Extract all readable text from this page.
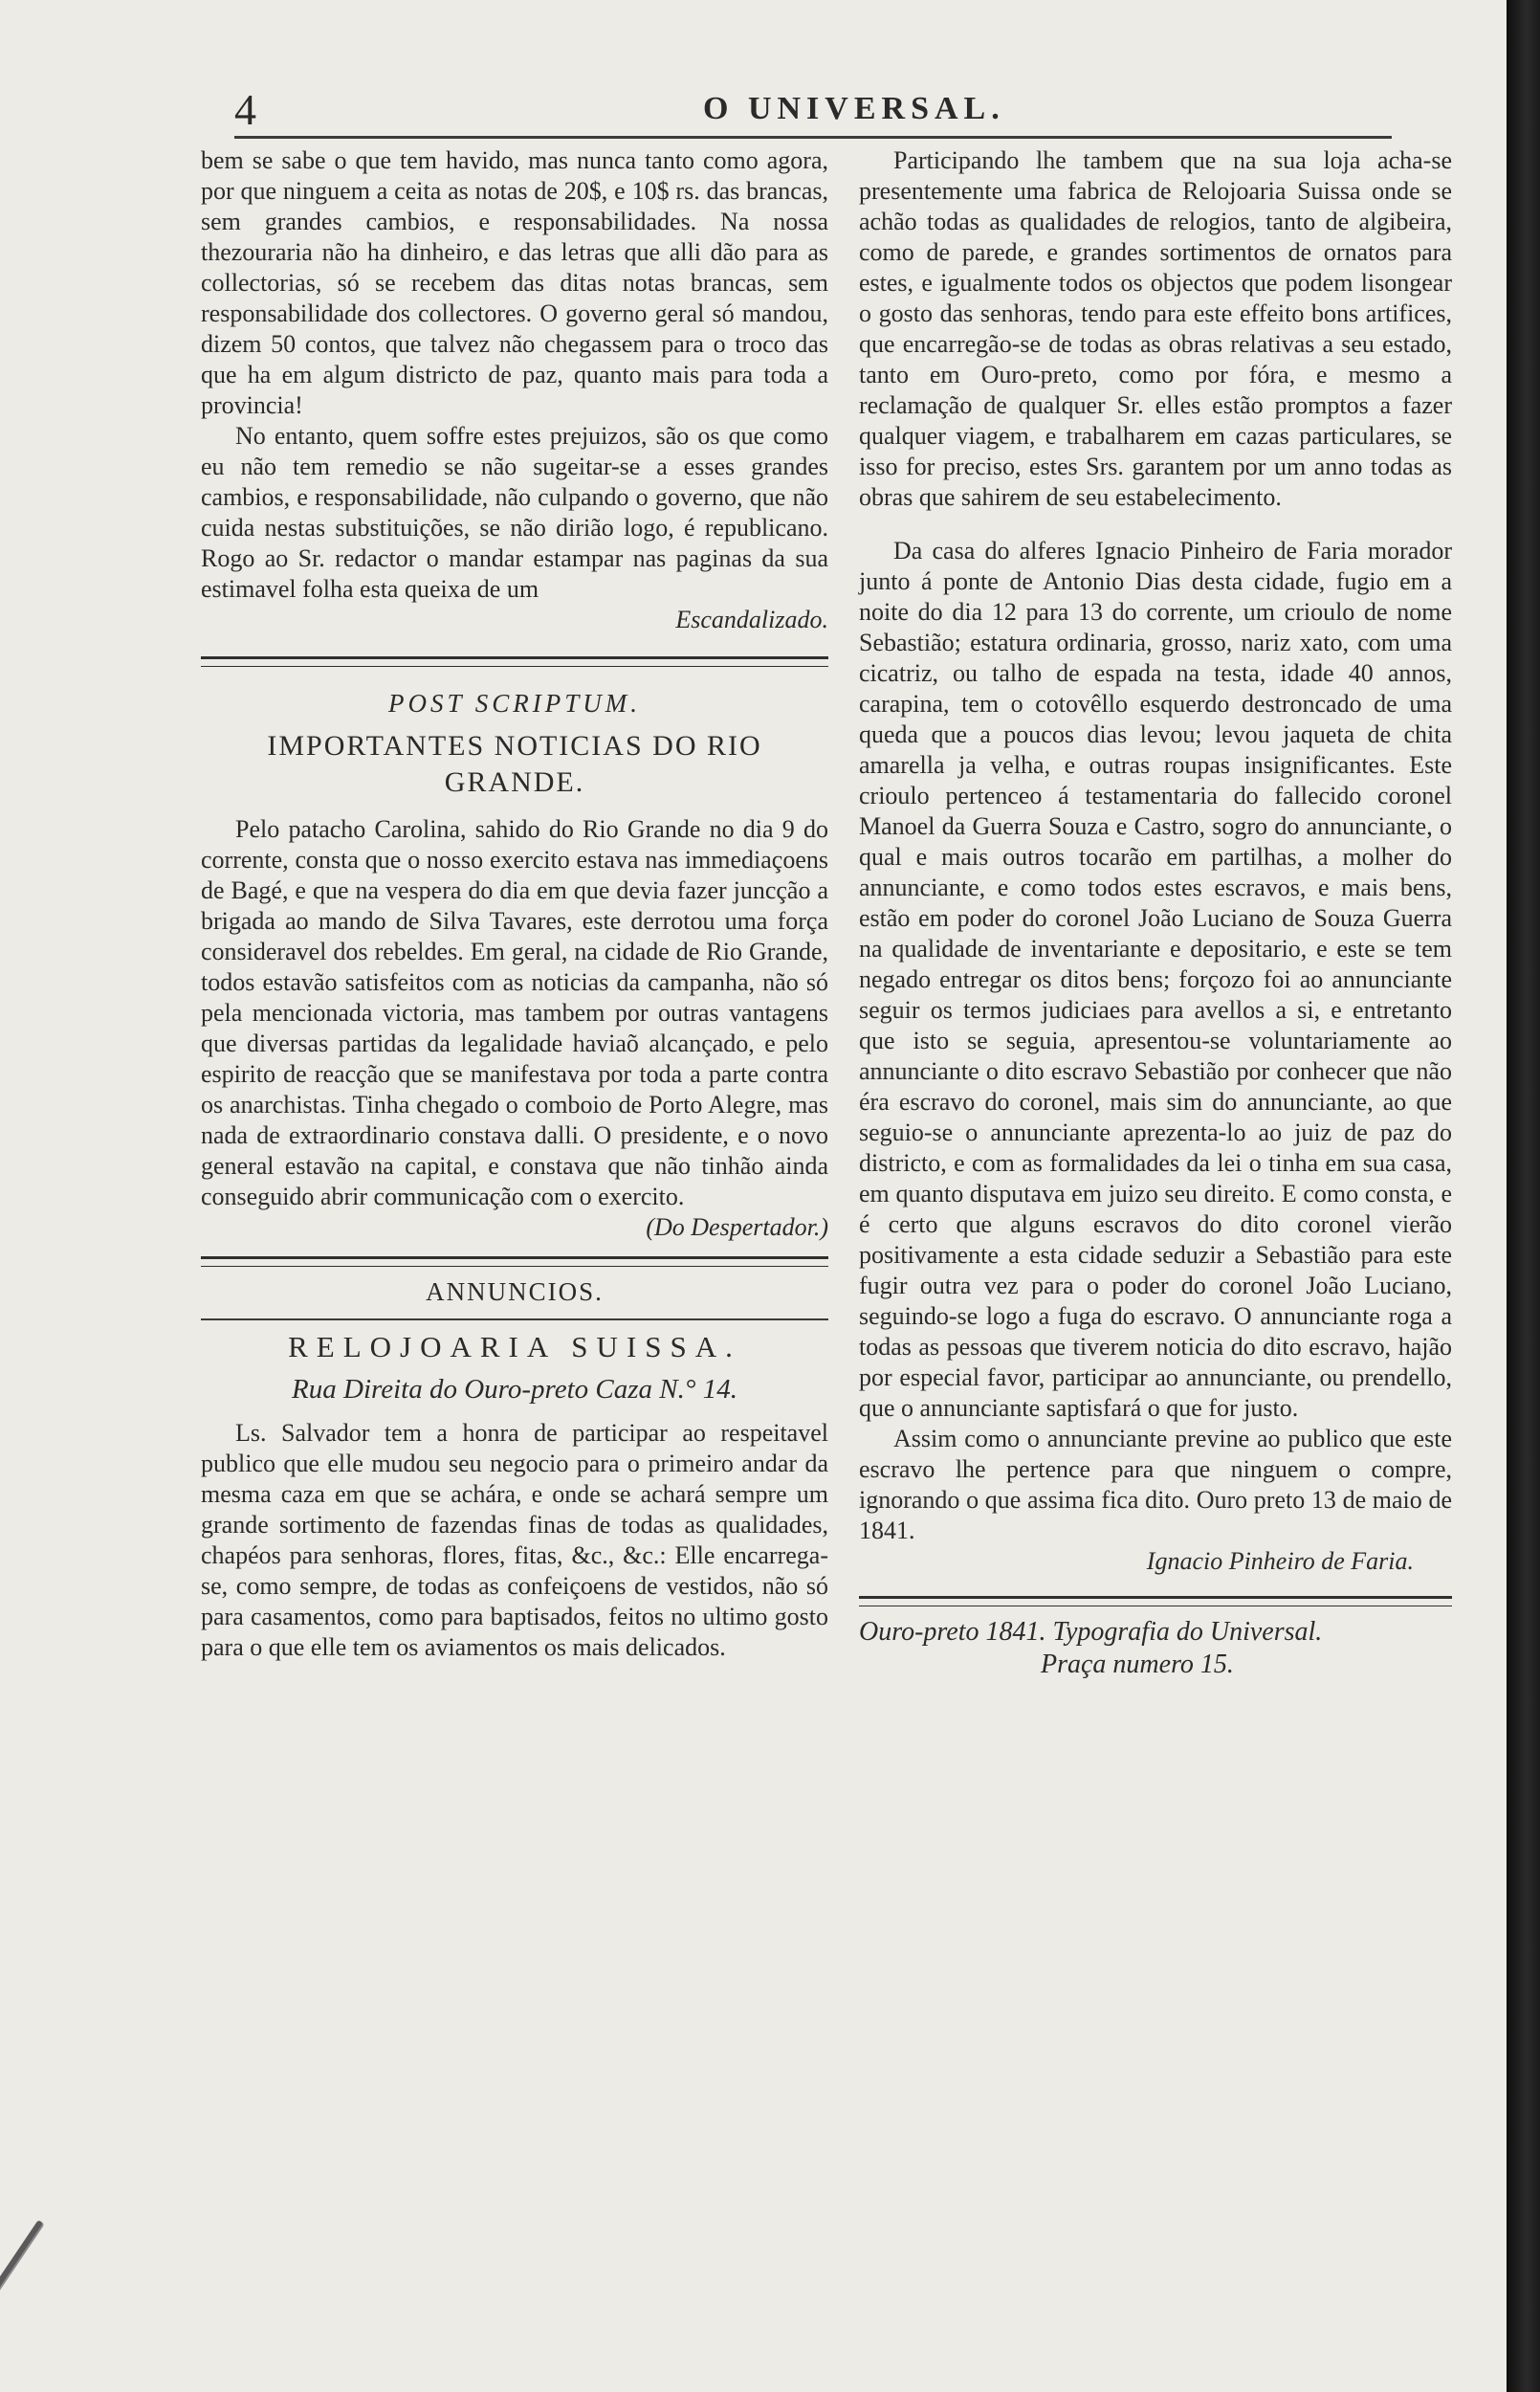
4	O UNIVERSAL.

bem se sabe o que tem havido, mas nunca tanto como agora, por que ninguem a ceita as notas de 20$, e 10$ rs. das brancas, sem grandes cambios, e responsabilidades. Na nossa thezouraria não ha dinheiro, e das letras que alli dão para as collectorias, só se recebem das ditas notas brancas, sem responsabilidade dos collectores. O governo geral só mandou, dizem 50 contos, que talvez não chegassem para o troco das que ha em algum districto de paz, quanto mais para toda a provincia!

No entanto, quem soffre estes prejuizos, são os que como eu não tem remedio se não sugeitar-se a esses grandes cambios, e responsabilidade, não culpando o governo, que não cuida nestas substituições, se não dirião logo, é republicano. Rogo ao Sr. redactor o mandar estampar nas paginas da sua estimavel folha esta queixa de um

Escandalizado.

POST SCRIPTUM.

IMPORTANTES NOTICIAS DO RIO GRANDE.

Pelo patacho Carolina, sahido do Rio Grande no dia 9 do corrente, consta que o nosso exercito estava nas immediaçoens de Bagé, e que na vespera do dia em que devia fazer juncção a brigada ao mando de Silva Tavares, este derrotou uma força consideravel dos rebeldes. Em geral, na cidade de Rio Grande, todos estavão satisfeitos com as noticias da campanha, não só pela mencionada victoria, mas tambem por outras vantagens que diversas partidas da legalidade haviaõ alcançado, e pelo espirito de reacção que se manifestava por toda a parte contra os anarchistas. Tinha chegado o comboio de Porto Alegre, mas nada de extraordinario constava dalli. O presidente, e o novo general estavão na capital, e constava que não tinhão ainda conseguido abrir communicação com o exercito.

(Do Despertador.)

ANNUNCIOS.

RELOJOARIA SUISSA.

Rua Direita do Ouro-preto Caza N.° 14.

Ls. Salvador tem a honra de participar ao respeitavel publico que elle mudou seu negocio para o primeiro andar da mesma caza em que se achára, e onde se achará sempre um grande sortimento de fazendas finas de todas as qualidades, chapéos para senhoras, flores, fitas, &c., &c.: Elle encarrega-se, como sempre, de todas as confeiçoens de vestidos, não só para casamentos, como para baptisados, feitos no ultimo gosto para o que elle tem os aviamentos os mais delicados.

Participando lhe tambem que na sua loja acha-se presentemente uma fabrica de Relojoaria Suissa onde se achão todas as qualidades de relogios, tanto de algibeira, como de parede, e grandes sortimentos de ornatos para estes, e igualmente todos os objectos que podem lisongear o gosto das senhoras, tendo para este effeito bons artifices, que encarregão-se de todas as obras relativas a seu estado, tanto em Ouro-preto, como por fóra, e mesmo a reclamação de qualquer Sr. elles estão promptos a fazer qualquer viagem, e trabalharem em cazas particulares, se isso for preciso, estes Srs. garantem por um anno todas as obras que sahirem de seu estabelecimento.

Da casa do alferes Ignacio Pinheiro de Faria morador junto á ponte de Antonio Dias desta cidade, fugio em a noite do dia 12 para 13 do corrente, um crioulo de nome Sebastião; estatura ordinaria, grosso, nariz xato, com uma cicatriz, ou talho de espada na testa, idade 40 annos, carapina, tem o cotovêllo esquerdo destroncado de uma queda que a poucos dias levou; levou jaqueta de chita amarella ja velha, e outras roupas insignificantes. Este crioulo pertenceo á testamentaria do fallecido coronel Manoel da Guerra Souza e Castro, sogro do annunciante, o qual e mais outros tocarão em partilhas, a molher do annunciante, e como todos estes escravos, e mais bens, estão em poder do coronel João Luciano de Souza Guerra na qualidade de inventariante e depositario, e este se tem negado entregar os ditos bens; forçozo foi ao annunciante seguir os termos judiciaes para avellos a si, e entretanto que isto se seguia, apresentou-se voluntariamente ao annunciante o dito escravo Sebastião por conhecer que não éra escravo do coronel, mais sim do annunciante, ao que seguio-se o annunciante aprezenta-lo ao juiz de paz do districto, e com as formalidades da lei o tinha em sua casa, em quanto disputava em juizo seu direito. E como consta, e é certo que alguns escravos do dito coronel vierão positivamente a esta cidade seduzir a Sebastião para este fugir outra vez para o poder do coronel João Luciano, seguindo-se logo a fuga do escravo. O annunciante roga a todas as pessoas que tiverem noticia do dito escravo, hajão por especial favor, participar ao annunciante, ou prendello, que o annunciante saptisfará o que for justo.

Assim como o annunciante previne ao publico que este escravo lhe pertence para que ninguem o compre, ignorando o que assima fica dito. Ouro preto 13 de maio de 1841.

Ignacio Pinheiro de Faria.

Ouro-preto 1841. Typografia do Universal.

Praça numero 15.
